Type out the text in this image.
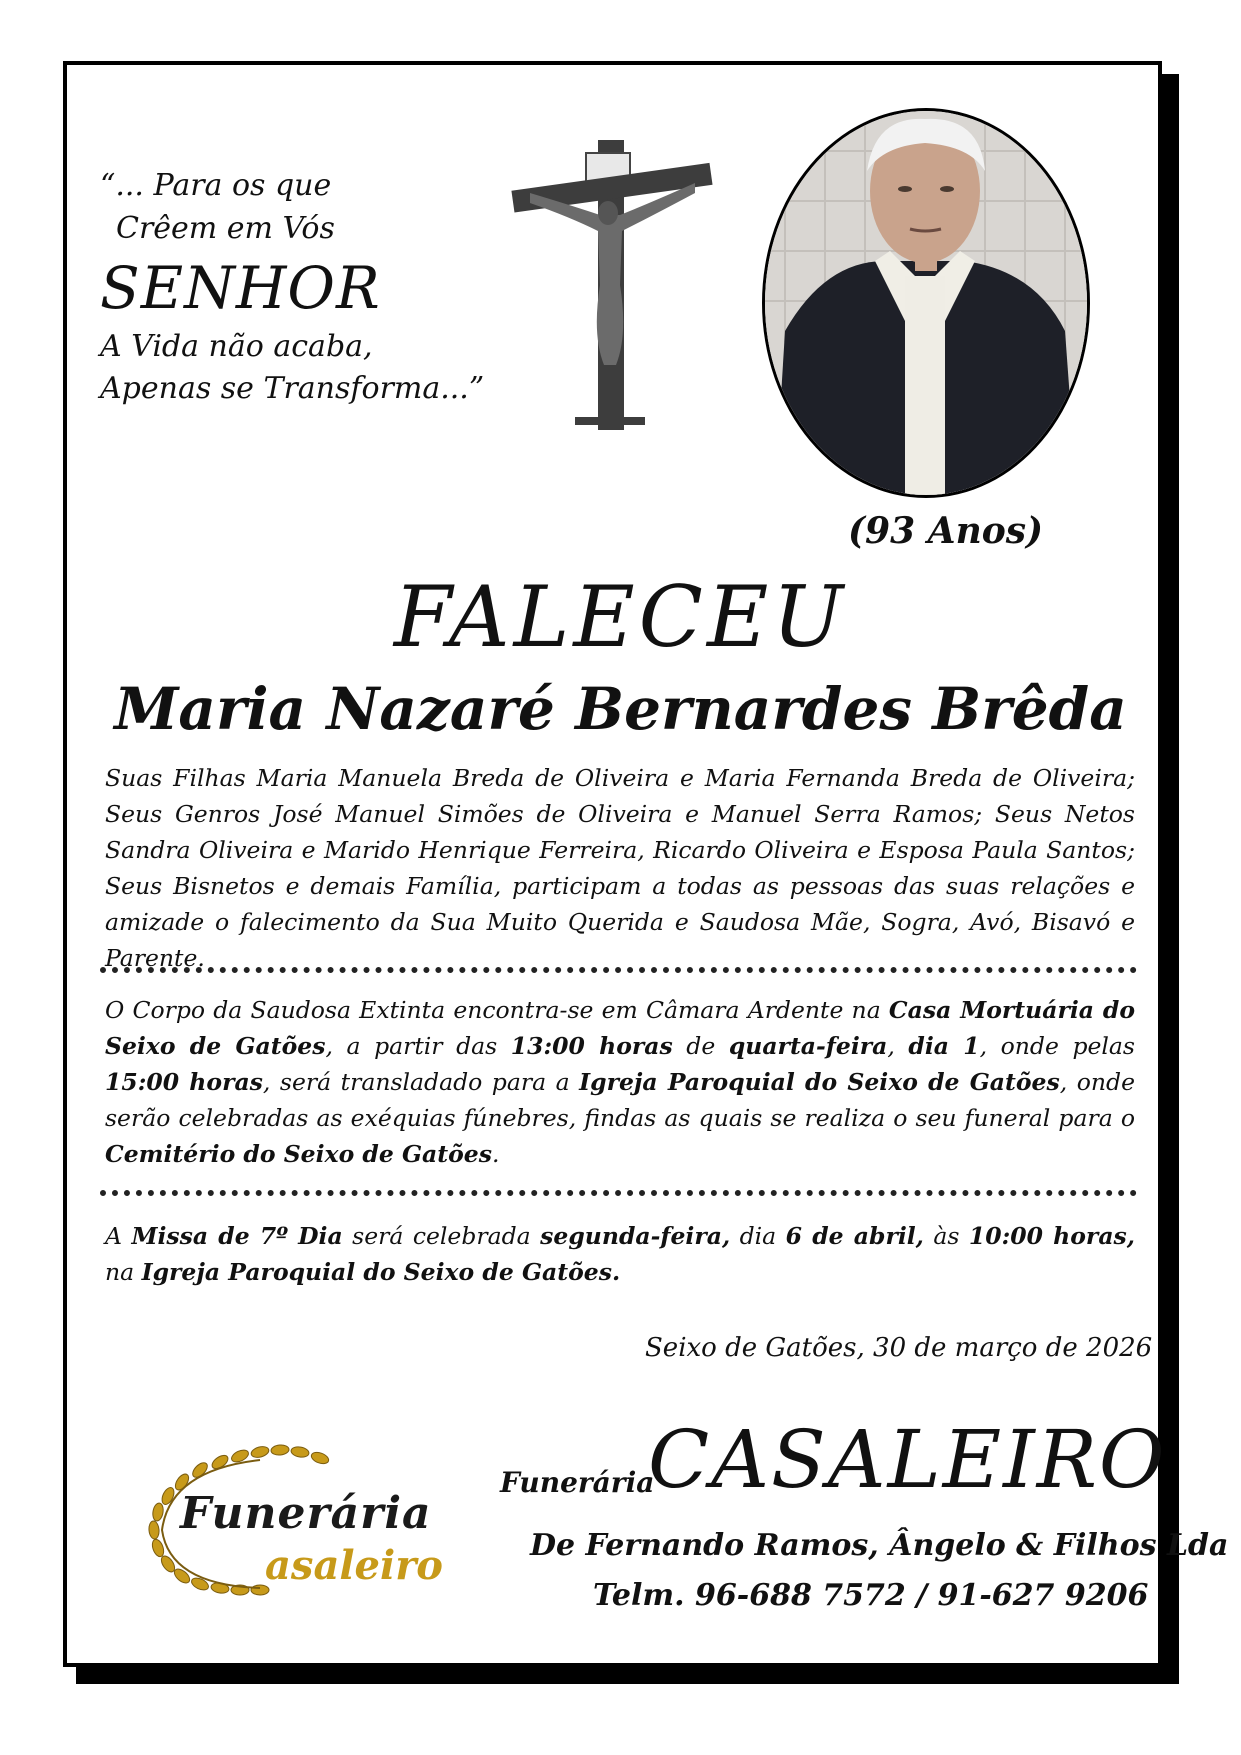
“... Para os que
Crêem em Vós
SENHOR
A Vida não acaba,
Apenas se Transforma...”
(93 Anos)
FALECEU
Maria Nazaré Bernardes Brêda
Suas Filhas Maria Manuela Breda de Oliveira e Maria Fernanda Breda de Oliveira; Seus Genros José Manuel Simões de Oliveira e Manuel Serra Ramos; Seus Netos Sandra Oliveira e Marido Henrique Ferreira, Ricardo Oliveira e Esposa Paula Santos; Seus Bisnetos e demais Família, participam a todas as pessoas das suas relações e amizade o falecimento da Sua Muito Querida e Saudosa Mãe, Sogra, Avó, Bisavó e Parente.
O Corpo da Saudosa Extinta encontra-se em Câmara Ardente na Casa Mortuária do Seixo de Gatões, a partir das 13:00 horas de quarta-feira, dia 1, onde pelas 15:00 horas, será transladado para a Igreja Paroquial do Seixo de Gatões, onde serão celebradas as exéquias fúnebres, findas as quais se realiza o seu funeral para o Cemitério do Seixo de Gatões.
A Missa de 7º Dia será celebrada segunda-feira, dia 6 de abril, às 10:00 horas, na Igreja Paroquial do Seixo de Gatões.
Seixo de Gatões, 30 de março de 2026
Funerária
asaleiro
Funerária
CASALEIRO
De Fernando Ramos, Ângelo & Filhos Lda
Telm. 96-688 7572 / 91-627 9206
